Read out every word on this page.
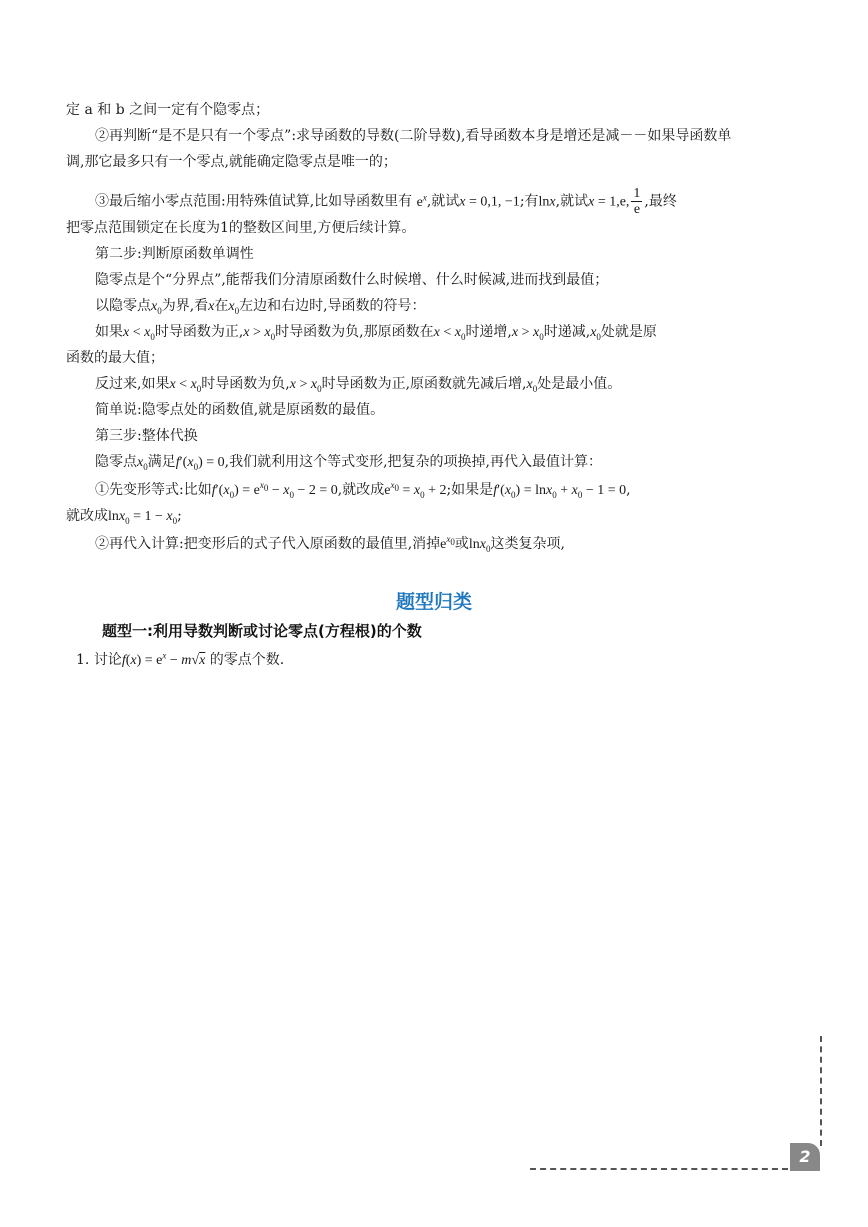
定 a 和 b 之间一定有个隐零点；
②再判断“是不是只有一个零点”:求导函数的导数(二阶导数),看导函数本身是增还是减－－如果导函数单
调,那它最多只有一个零点,就能确定隐零点是唯一的；
③最后缩小零点范围:用特殊值试算,比如导函数里有 $e^x$,就试x = 0,1, −1;有lnx,就试x = 1,e, $\frac{1}{e}$ ,最终
把零点范围锁定在长度为1的整数区间里,方便后续计算。
第二步:判断原函数单调性
隐零点是个“分界点”,能帮我们分清原函数什么时候增、什么时候减,进而找到最值；
以隐零点$x_0$为界,看x在$x_0$左边和右边时,导函数的符号：
如果$x < x_0$时导函数为正$,x > x_0$时导函数为负,那原函数在$x < x_0$时递增$,x > x_0$时递减$,x_0$处就是原
函数的最大值；
反过来,如果$x < x_0$时导函数为负$,x > x_0$时导函数为正,原函数就先减后增$,x_0$处是最小值。
简单说:隐零点处的函数值,就是原函数的最值。
第三步:整体代换
隐零点$x_0$满足$f'(x_0) = 0$,我们就利用这个等式变形,把复杂的项换掉,再代入最值计算：
①先变形等式:比如$f'(x_0) = e^{x_0} - x_0 - 2 = 0$,就改成$e^{x_0} = x_0 + 2$;如果是$f'(x_0) = \ln x_0 + x_0 - 1 = 0$,
就改成$\ln x_0 = 1 - x_0$;
②再代入计算:把变形后的式子代入原函数的最值里,消掉$e^{x_0}$或lnx$_0$这类复杂项,
题型归类
题型一:利用导数判断或讨论零点(方程根)的个数
1. 讨论$f(x) = e^x - m√x$ 的零点个数.
2
